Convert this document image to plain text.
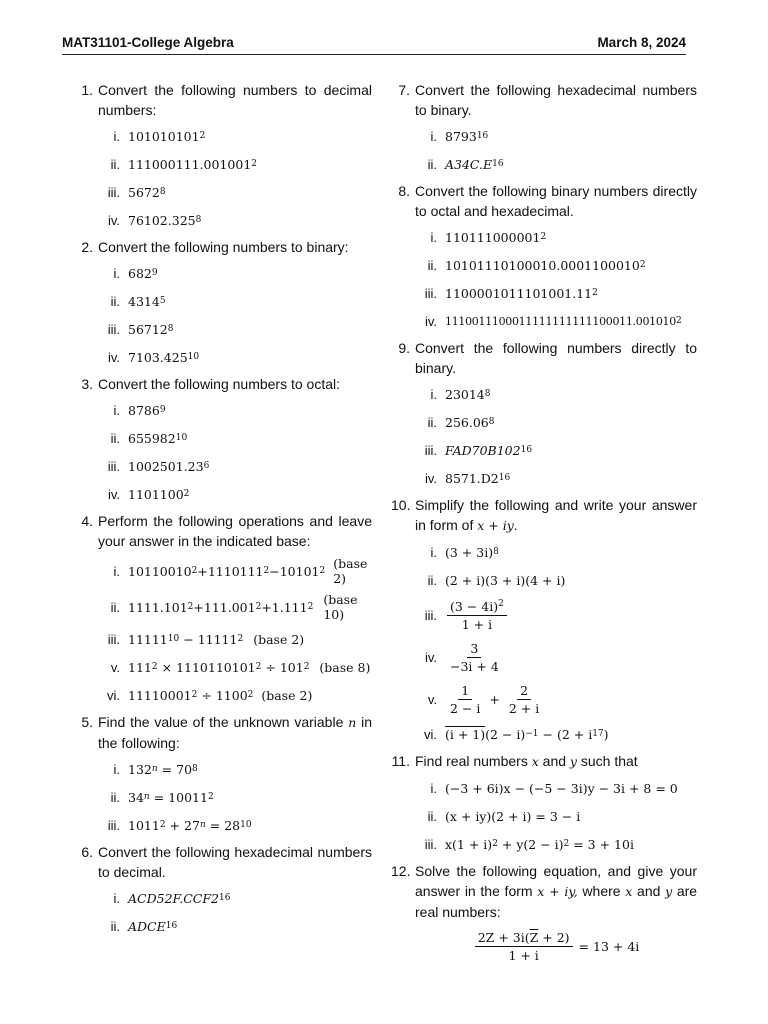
MAT31101-College Algebra	March 8, 2024
1. Convert the following numbers to decimal numbers:
i. 101010101 2
ii. 111000111.001001 2
iii. 5672 8
iv. 76102.325 8
2. Convert the following numbers to binary:
i. 682 9
ii. 4314 5
iii. 56712 8
iv. 7103.425 10
3. Convert the following numbers to octal:
i. 8786 9
ii. 655982 10
iii. 1002501.23 6
iv. 1101100 2
4. Perform the following operations and leave your answer in the indicated base:
i. 10110010 2 + 1110111 2 − 10101 2 (base 2)
ii. 1111.101 2 + 111.001 2 + 1.111 2 (base 10)
iii. 11111 10 − 11111 2 (base 2)
v. 111 2 × 1110110101 2 ÷ 101 2 (base 8)
vi. 11110001 2 ÷ 1100 2 (base 2)
5. Find the value of the unknown variable n in the following:
i. 132 n = 70 8
ii. 34 n = 10011 2
iii. 1011 2 + 27 n = 28 10
6. Convert the following hexadecimal numbers to decimal.
i. ACD52F.CCF2 16
ii. ADCE 16
7. Convert the following hexadecimal numbers to binary.
i. 8793 16
ii. A34C.E 16
8. Convert the following binary numbers directly to octal and hexadecimal.
i. 110111000001 2
ii. 10101110100010.0001100010 2
iii. 1100001011101001.11 2
iv. 1110011100011111111111100011.001010 2
9. Convert the following numbers directly to binary.
i. 23014 8
ii. 256.06 8
iii. FAD70B102 16
iv. 8571.D2 16
10. Simplify the following and write your answer in form of x + iy.
i. (3 + 3i) 8
ii. (2 + i)(3 + i)(4 + i)
iii.
$(3 - 4i)^2$
1 + i
iv.
3
−3i + 4
v.
1
2 − i
+ $\frac{2}{2 + i}$
vi. (i + 1) (2 − i) −1 − (2 + i 17 )
11. Find real numbers x and y such that
i. (−3 + 6i)x − (−5 − 3i)y − 3i + 8 = 0
ii. (x + iy)(2 + i) = 3 − i
iii. x(1 + i) 2 + y(2 − i) 2 = 3 + 10i
12. Solve the following equation, and give your answer in the form x + iy, where x and y are real numbers:
$\frac{2Z + 3i(\overline{Z} + 2)}{1 + i} = 13 + 4i$
